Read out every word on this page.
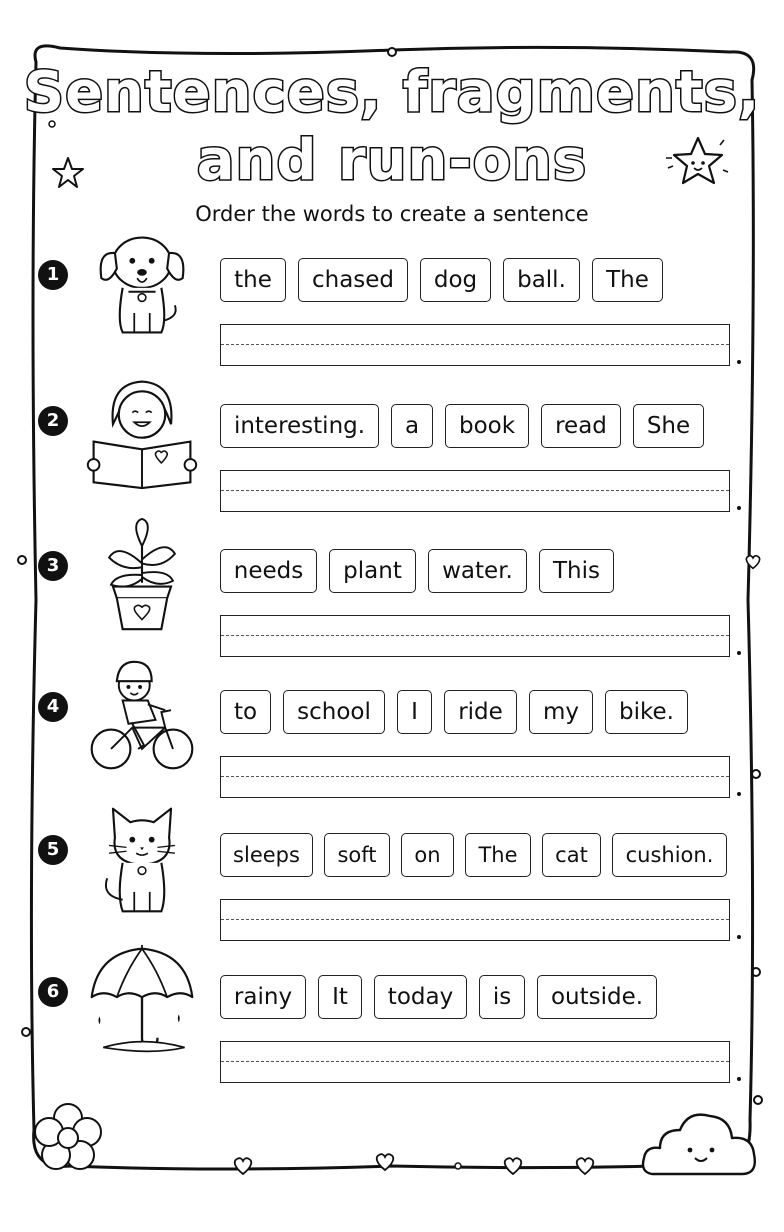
Sentences, fragments,
and run-ons
Order the words to create a sentence
1	the	chased	dog	ball.	The
2	interesting.	a	book	read	She
3	needs	plant	water.	This
4	to	school	I	ride	my	bike.
5	sleeps	soft	on	The	cat	cushion.
6	rainy	It	today	is	outside.
